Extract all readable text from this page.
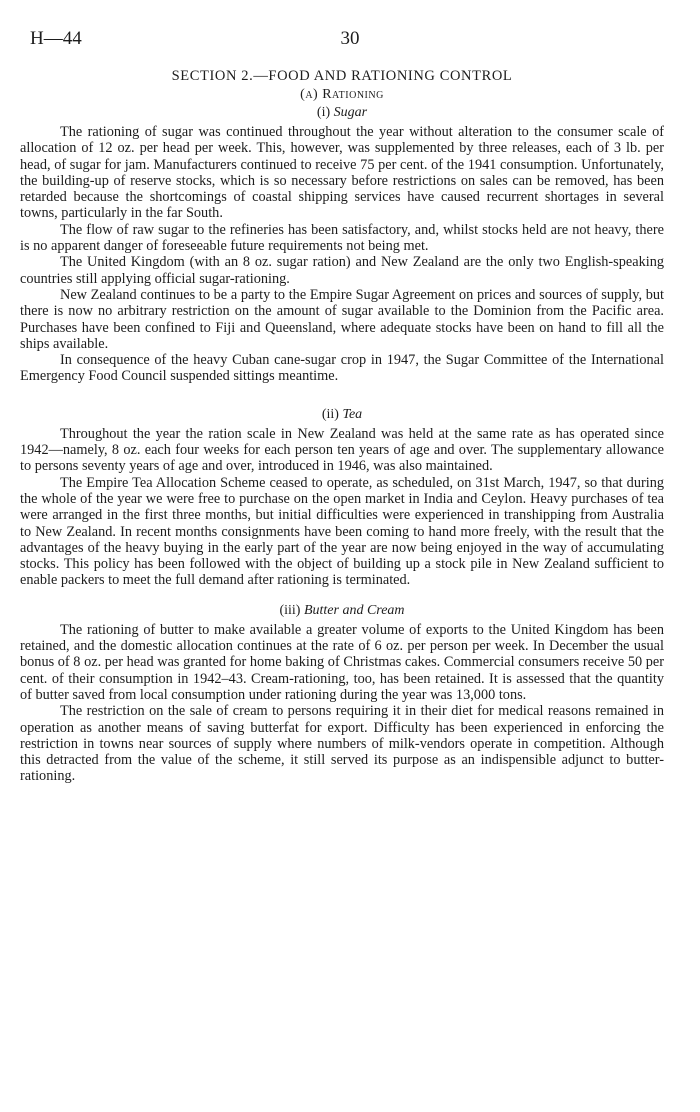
H—44	30
SECTION 2.—FOOD AND RATIONING CONTROL
(a) Rationing
(i) Sugar

The rationing of sugar was continued throughout the year without alteration to the consumer scale of allocation of 12 oz. per head per week. This, however, was supplemented by three releases, each of 3 lb. per head, of sugar for jam. Manufacturers continued to receive 75 per cent. of the 1941 consumption. Unfortunately, the building-up of reserve stocks, which is so necessary before restrictions on sales can be removed, has been retarded because the shortcomings of coastal shipping services have caused recurrent shortages in several towns, particularly in the far South.

The flow of raw sugar to the refineries has been satisfactory, and, whilst stocks held are not heavy, there is no apparent danger of foreseeable future requirements not being met.

The United Kingdom (with an 8 oz. sugar ration) and New Zealand are the only two English-speaking countries still applying official sugar-rationing.

New Zealand continues to be a party to the Empire Sugar Agreement on prices and sources of supply, but there is now no arbitrary restriction on the amount of sugar available to the Dominion from the Pacific area. Purchases have been confined to Fiji and Queensland, where adequate stocks have been on hand to fill all the ships available.

In consequence of the heavy Cuban cane-sugar crop in 1947, the Sugar Committee of the International Emergency Food Council suspended sittings meantime.

(ii) Tea

Throughout the year the ration scale in New Zealand was held at the same rate as has operated since 1942—namely, 8 oz. each four weeks for each person ten years of age and over. The supplementary allowance to persons seventy years of age and over, introduced in 1946, was also maintained.

The Empire Tea Allocation Scheme ceased to operate, as scheduled, on 31st March, 1947, so that during the whole of the year we were free to purchase on the open market in India and Ceylon. Heavy purchases of tea were arranged in the first three months, but initial difficulties were experienced in transhipping from Australia to New Zealand. In recent months consignments have been coming to hand more freely, with the result that the advantages of the heavy buying in the early part of the year are now being enjoyed in the way of accumulating stocks. This policy has been followed with the object of building up a stock pile in New Zealand sufficient to enable packers to meet the full demand after rationing is terminated.

(iii) Butter and Cream

The rationing of butter to make available a greater volume of exports to the United Kingdom has been retained, and the domestic allocation continues at the rate of 6 oz. per person per week. In December the usual bonus of 8 oz. per head was granted for home baking of Christmas cakes. Commercial consumers receive 50 per cent. of their consumption in 1942–43. Cream-rationing, too, has been retained. It is assessed that the quantity of butter saved from local consumption under rationing during the year was 13,000 tons.

The restriction on the sale of cream to persons requiring it in their diet for medical reasons remained in operation as another means of saving butterfat for export. Difficulty has been experienced in enforcing the restriction in towns near sources of supply where numbers of milk-vendors operate in competition. Although this detracted from the value of the scheme, it still served its purpose as an indispensible adjunct to butter-rationing.
